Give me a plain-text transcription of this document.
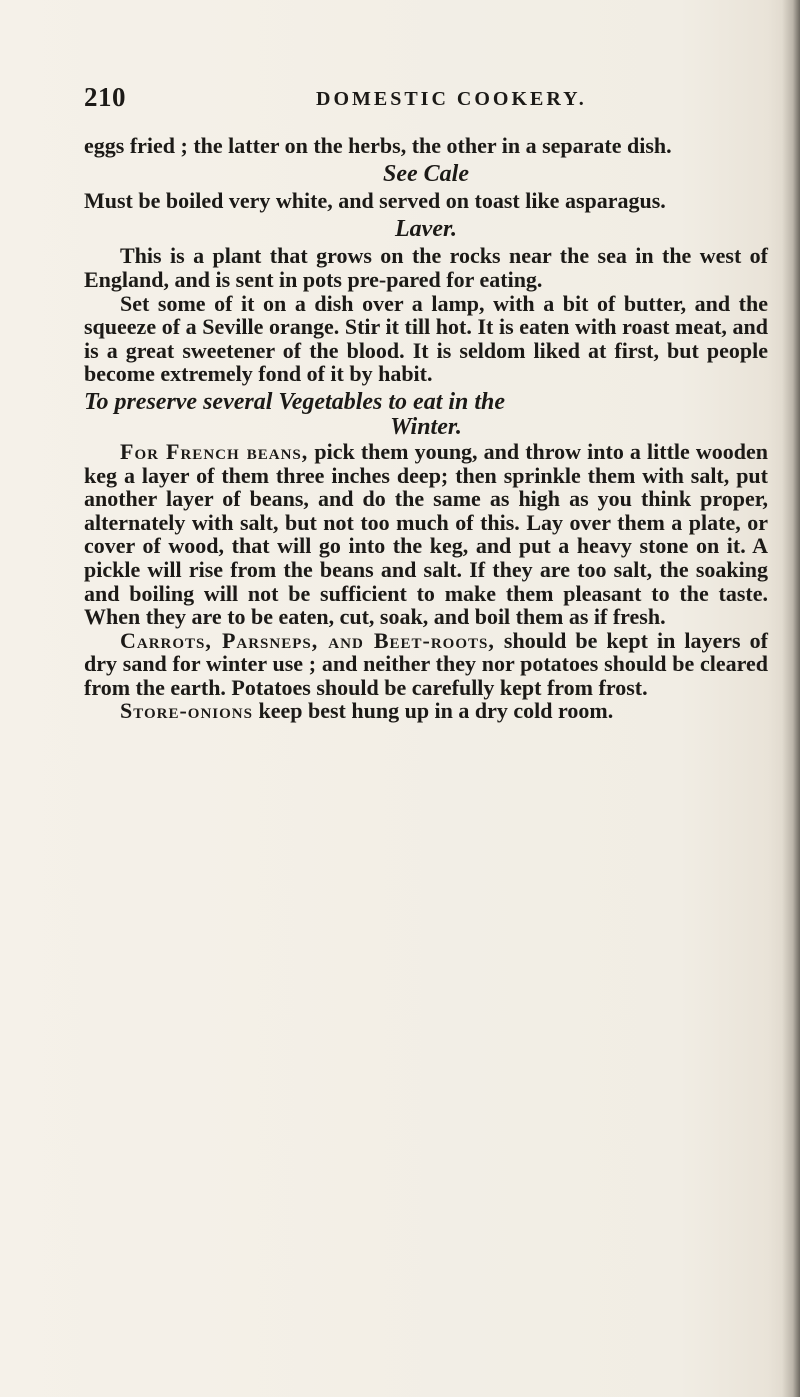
210	DOMESTIC COOKERY.

eggs fried ; the latter on the herbs, the other in a separate dish.

See Cale

Must be boiled very white, and served on toast like asparagus.

Laver.

This is a plant that grows on the rocks near the sea in the west of England, and is sent in pots pre-pared for eating.

Set some of it on a dish over a lamp, with a bit of butter, and the squeeze of a Seville orange. Stir it till hot. It is eaten with roast meat, and is a great sweetener of the blood. It is seldom liked at first, but people become extremely fond of it by habit.

To preserve several Vegetables to eat in the
Winter.

For French beans, pick them young, and throw into a little wooden keg a layer of them three inches deep; then sprinkle them with salt, put another layer of beans, and do the same as high as you think proper, alternately with salt, but not too much of this. Lay over them a plate, or cover of wood, that will go into the keg, and put a heavy stone on it. A pickle will rise from the beans and salt. If they are too salt, the soaking and boiling will not be sufficient to make them pleasant to the taste. When they are to be eaten, cut, soak, and boil them as if fresh.

Carrots, Parsneps, and Beet-roots, should be kept in layers of dry sand for winter use ; and neither they nor potatoes should be cleared from the earth. Potatoes should be carefully kept from frost.

Store-onions keep best hung up in a dry cold room.
